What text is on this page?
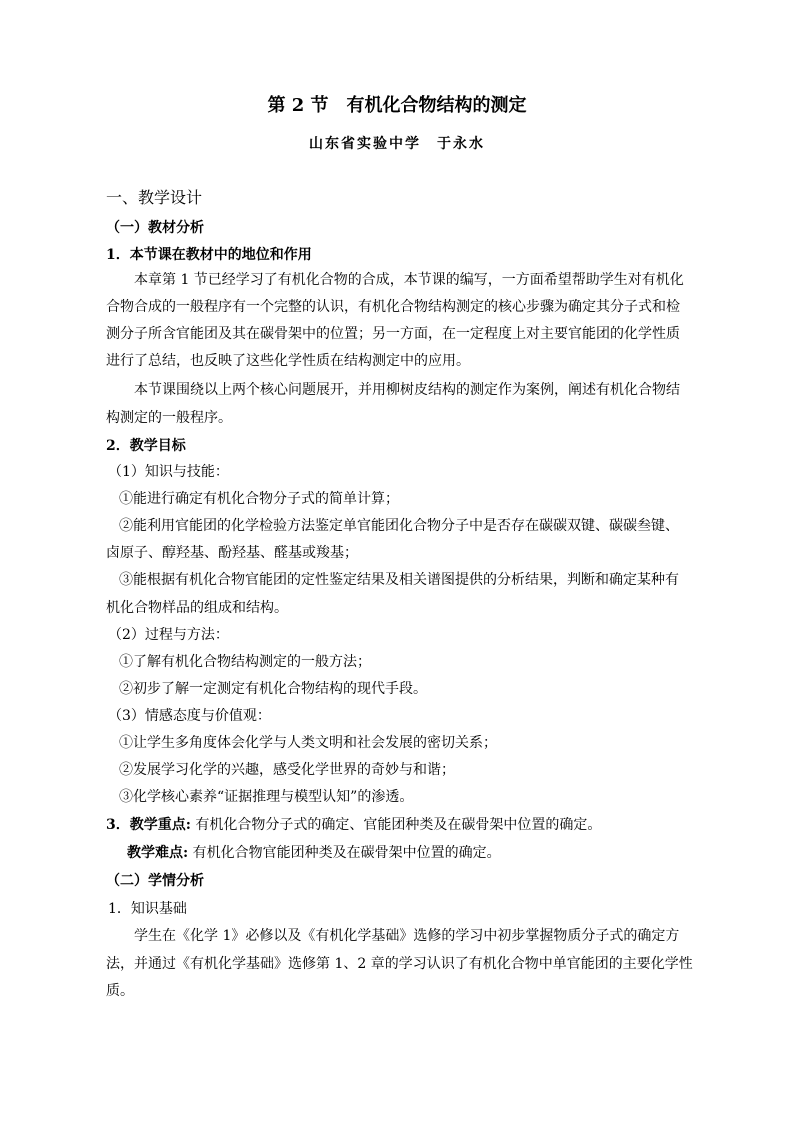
第 2 节　有机化合物结构的测定
山东省实验中学　于永水
一、教学设计
（一）教材分析
1．本节课在教材中的地位和作用
本章第 1 节已经学习了有机化合物的合成，本节课的编写，一方面希望帮助学生对有机化
合物合成的一般程序有一个完整的认识，有机化合物结构测定的核心步骤为确定其分子式和检
测分子所含官能团及其在碳骨架中的位置；另一方面，在一定程度上对主要官能团的化学性质
进行了总结，也反映了这些化学性质在结构测定中的应用。
本节课围绕以上两个核心问题展开，并用柳树皮结构的测定作为案例，阐述有机化合物结
构测定的一般程序。
2．教学目标
（1）知识与技能：
①能进行确定有机化合物分子式的简单计算；
②能利用官能团的化学检验方法鉴定单官能团化合物分子中是否存在碳碳双键、碳碳叁键、
卤原子、醇羟基、酚羟基、醛基或羧基；
③能根据有机化合物官能团的定性鉴定结果及相关谱图提供的分析结果，判断和确定某种有
机化合物样品的组成和结构。
（2）过程与方法：
①了解有机化合物结构测定的一般方法；
②初步了解一定测定有机化合物结构的现代手段。
（3）情感态度与价值观：
①让学生多角度体会化学与人类文明和社会发展的密切关系；
②发展学习化学的兴趣，感受化学世界的奇妙与和谐；
③化学核心素养“证据推理与模型认知”的渗透。
3．教学重点: 有机化合物分子式的确定、官能团种类及在碳骨架中位置的确定。
教学难点: 有机化合物官能团种类及在碳骨架中位置的确定。
（二）学情分析
1．知识基础
学生在《化学 1》必修以及《有机化学基础》选修的学习中初步掌握物质分子式的确定方
法，并通过《有机化学基础》选修第 1、2 章的学习认识了有机化合物中单官能团的主要化学性
质。
